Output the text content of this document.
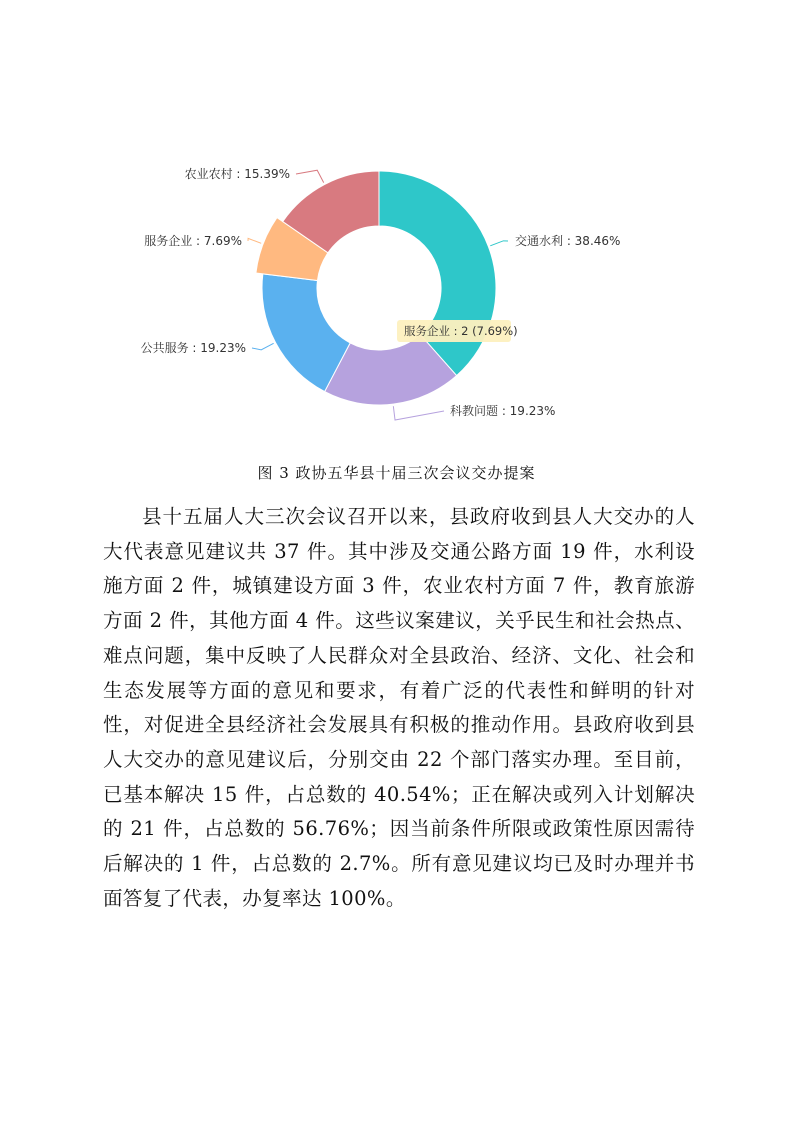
交通水利 : 38.46%
科教问题 : 19.23%
公共服务 : 19.23%
服务企业 : 7.69%
农业农村 : 15.39%
服务企业 : 2 (7.69%)
图 3 政协五华县十届三次会议交办提案

县十五届人大三次会议召开以来，县政府收到县人大交办的人大代表意见建议共 37 件。其中涉及交通公路方面 19 件，水利设施方面 2 件，城镇建设方面 3 件，农业农村方面 7 件，教育旅游方面 2 件，其他方面 4 件。这些议案建议，关乎民生和社会热点、难点问题，集中反映了人民群众对全县政治、经济、文化、社会和生态发展等方面的意见和要求，有着广泛的代表性和鲜明的针对性，对促进全县经济社会发展具有积极的推动作用。县政府收到县人大交办的意见建议后，分别交由 22 个部门落实办理。至目前，已基本解决 15 件，占总数的 40.54%；正在解决或列入计划解决的 21 件，占总数的 56.76%；因当前条件所限或政策性原因需待后解决的 1 件，占总数的 2.7%。所有意见建议均已及时办理并书面答复了代表，办复率达 100%。
